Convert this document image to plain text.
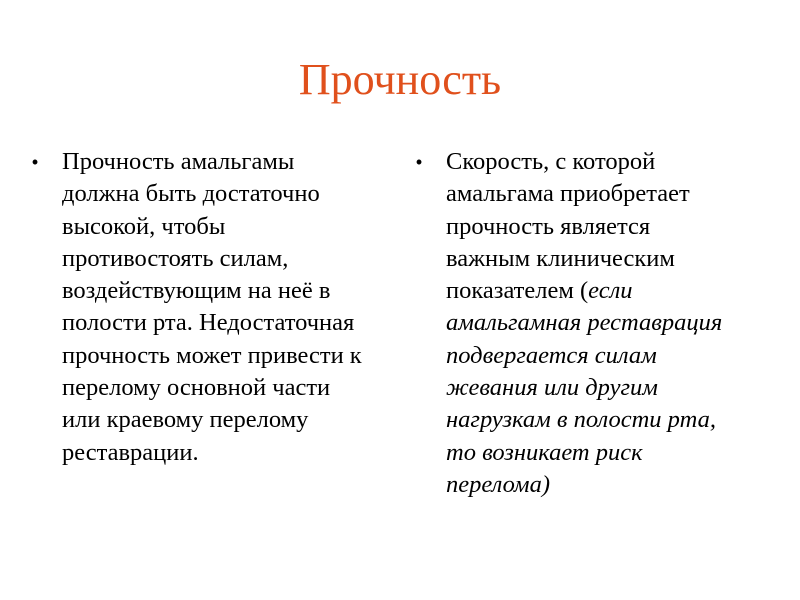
Прочность
• Прочность амальгамы
должна быть достаточно
высокой, чтобы
противостоять силам,
воздействующим на неё в
полости рта. Недостаточная
прочность может привести к
перелому основной части
или краевому перелому
реставрации.
• Скорость, с которой
амальгама приобретает
прочность является
важным клиническим
показателем (если
амальгамная реставрация
подвергается силам
жевания или другим
нагрузкам в полости рта,
то возникает риск
перелома)
